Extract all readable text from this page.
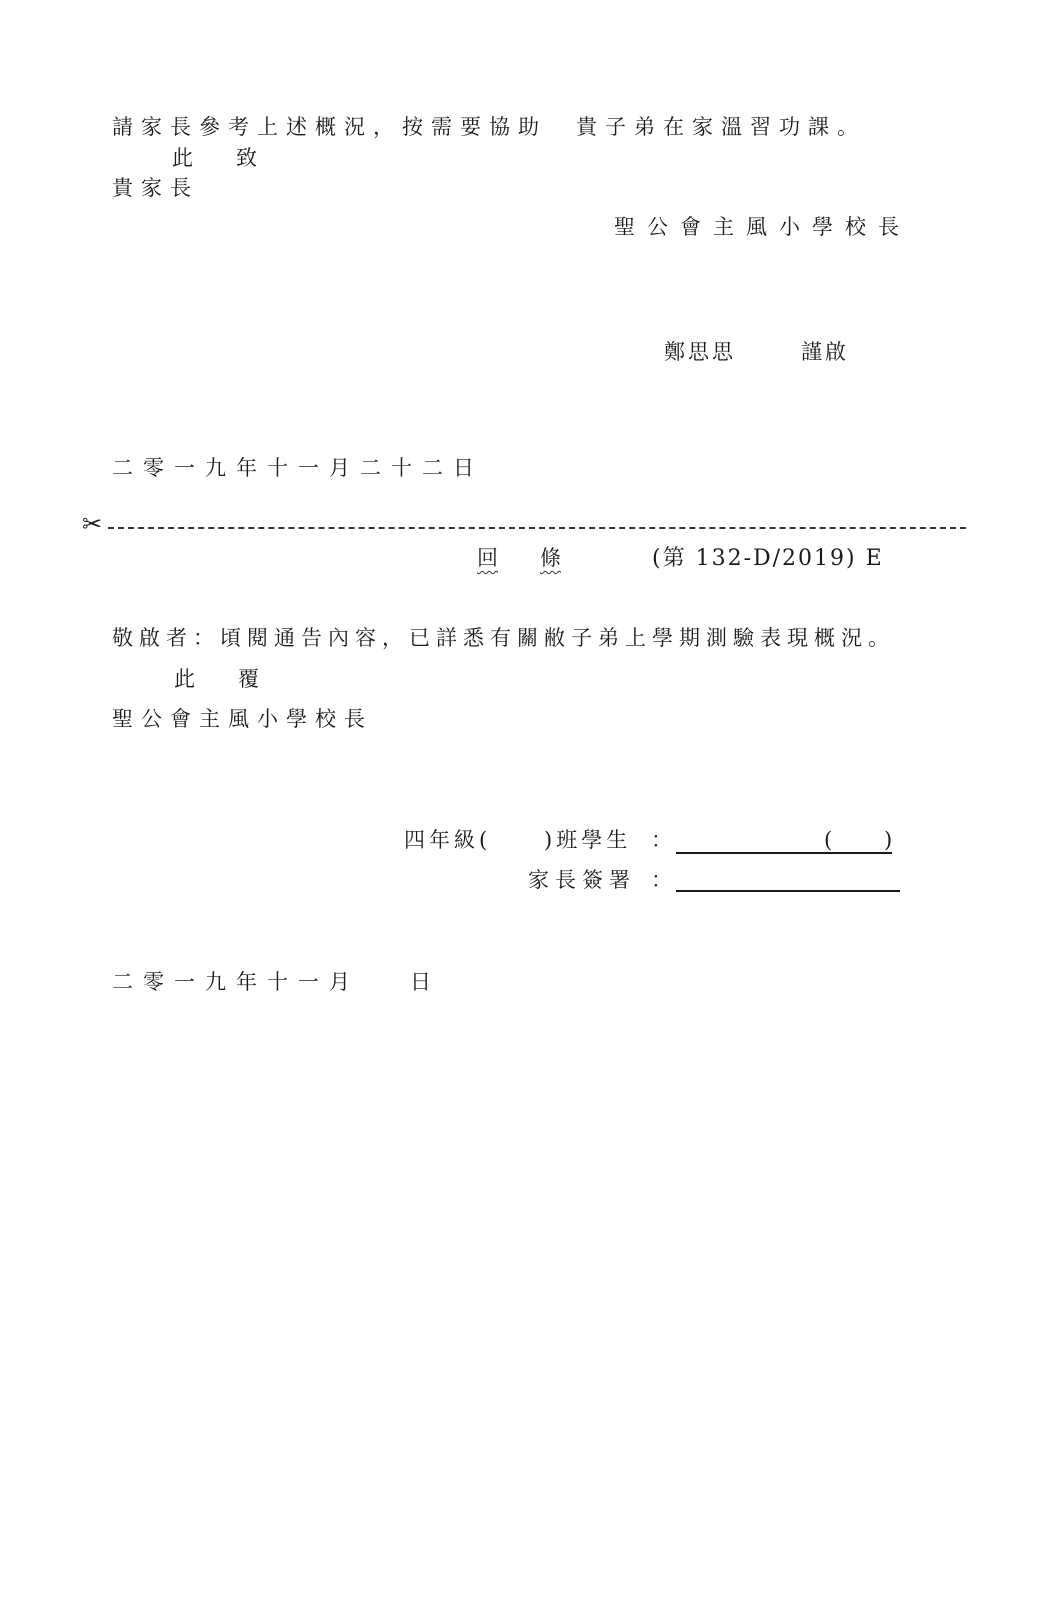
請家長參考上述概況，按需要協助　貴子弟在家溫習功課。
此 致
貴家長
聖公會主風小學校長
鄭思思	謹啟
二零一九年十一月二十二日
✂
回 條	(第 132-D/2019) E
敬啟者：頃閱通告內容，已詳悉有關敝子弟上學期測驗表現概況。
此 覆
聖公會主風小學校長
四年級(	)班學生 ：	( )
家長簽署 ：
二零一九年十一月 日
